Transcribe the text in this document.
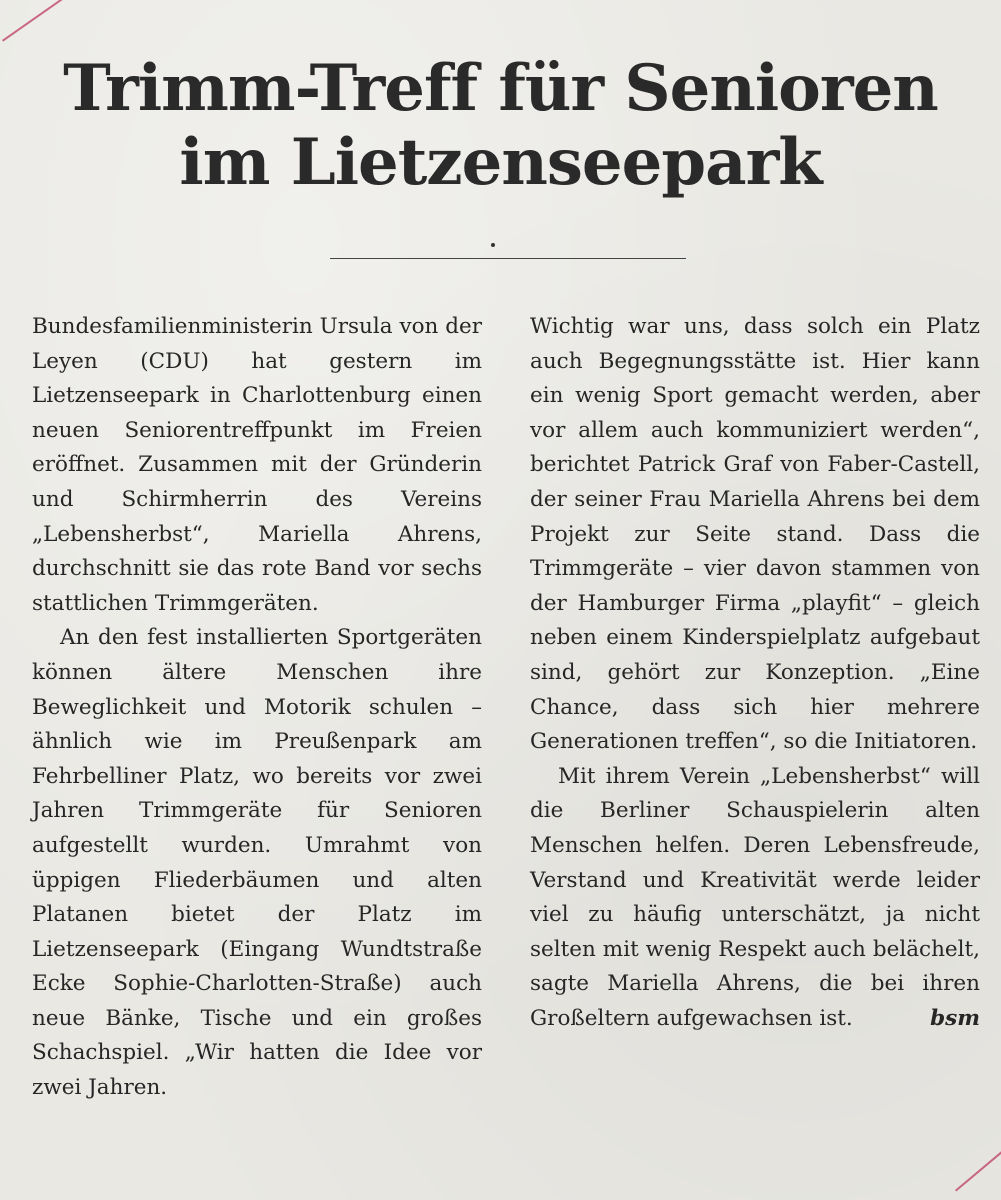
Trimm-Treff für Senioren
im Lietzenseepark

Bundesfamilienministerin Ursula von der Leyen (CDU) hat gestern im Lietzenseepark in Charlottenburg einen neuen Seniorentreffpunkt im Freien eröffnet. Zusammen mit der Gründerin und Schirmherrin des Vereins „Lebensherbst“, Mariella Ahrens, durchschnitt sie das rote Band vor sechs stattlichen Trimmgeräten.

An den fest installierten Sportgeräten können ältere Menschen ihre Beweglichkeit und Motorik schulen – ähnlich wie im Preußenpark am Fehrbelliner Platz, wo bereits vor zwei Jahren Trimmgeräte für Senioren aufgestellt wurden. Umrahmt von üppigen Fliederbäumen und alten Platanen bietet der Platz im Lietzenseepark (Eingang Wundtstraße Ecke Sophie-Charlotten-Straße) auch neue Bänke, Tische und ein großes Schachspiel. „Wir hatten die Idee vor zwei Jahren.

Wichtig war uns, dass solch ein Platz auch Begegnungsstätte ist. Hier kann ein wenig Sport gemacht werden, aber vor allem auch kommuniziert werden“, berichtet Patrick Graf von Faber-Castell, der seiner Frau Mariella Ahrens bei dem Projekt zur Seite stand. Dass die Trimmgeräte – vier davon stammen von der Hamburger Firma „playfit“ – gleich neben einem Kinderspielplatz aufgebaut sind, gehört zur Konzeption. „Eine Chance, dass sich hier mehrere Generationen treffen“, so die Initiatoren.

Mit ihrem Verein „Lebensherbst“ will die Berliner Schauspielerin alten Menschen helfen. Deren Lebensfreude, Verstand und Kreativität werde leider viel zu häufig unterschätzt, ja nicht selten mit wenig Respekt auch belächelt, sagte Mariella Ahrens, die bei ihren Großeltern aufgewachsen ist.	bsm
